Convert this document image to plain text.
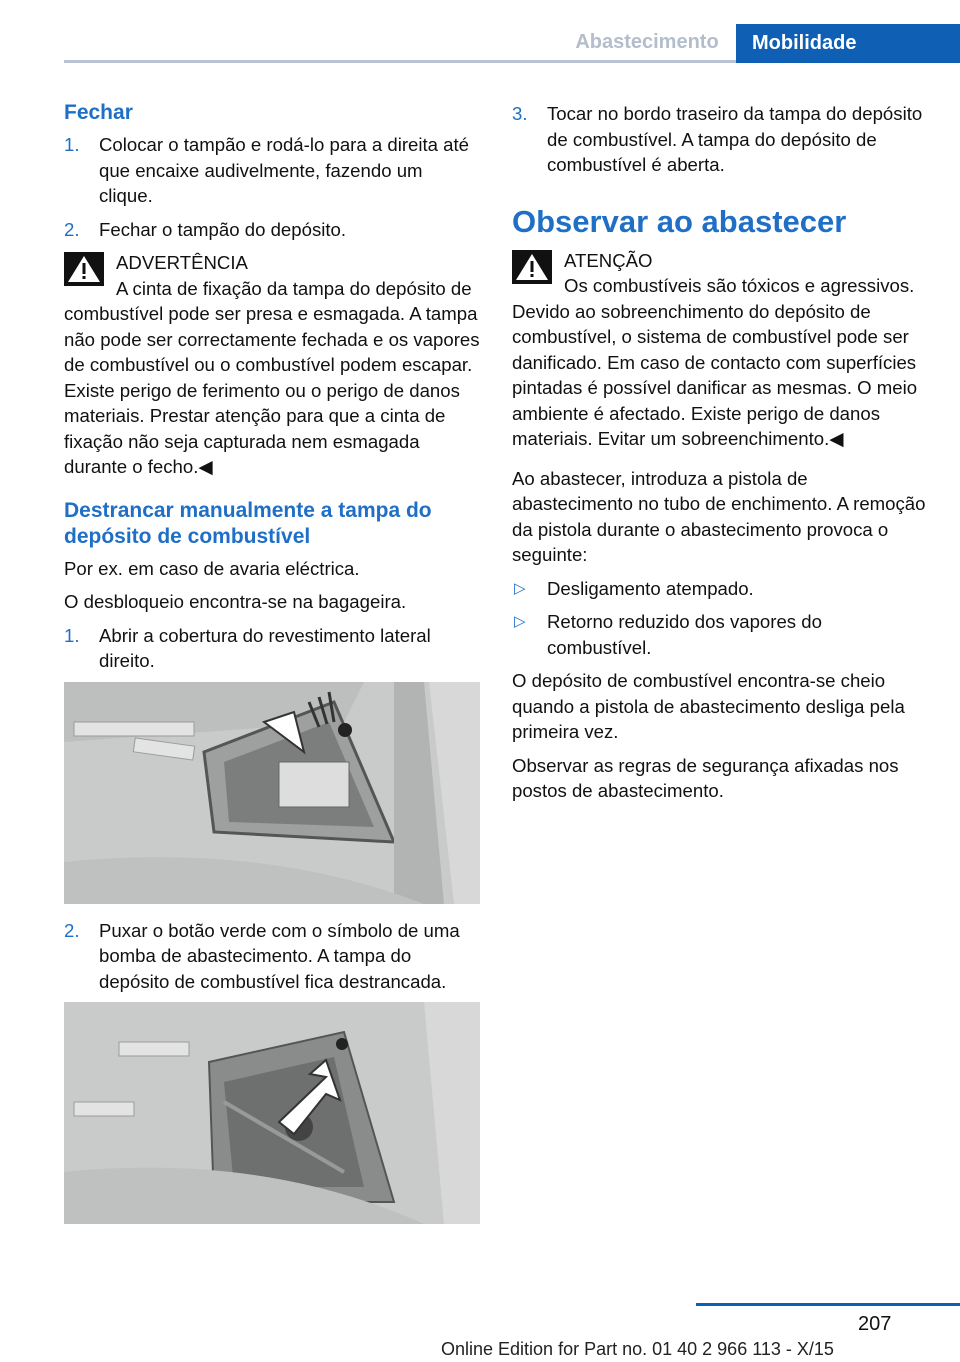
Abastecimento	Mobilidade
Fechar
1. Colocar o tampão e rodá-lo para a direita até que encaixe audivelmente, fazendo um clique.
2. Fechar o tampão do depósito.
ADVERTÊNCIA
A cinta de fixação da tampa do depósito de combustível pode ser presa e esmagada. A tampa não pode ser correctamente fechada e os vapores de combustível ou o combustível podem escapar. Existe perigo de ferimento ou o perigo de danos materiais. Prestar atenção para que a cinta de fixação não seja capturada nem esmagada durante o fecho.◀
Destrancar manualmente a tampa do depósito de combustível

Por ex. em caso de avaria eléctrica.

O desbloqueio encontra-se na bagageira.

1. Abrir a cobertura do revestimento lateral direito.
2. Puxar o botão verde com o símbolo de uma bomba de abastecimento. A tampa do depósito de combustível fica destrancada.
3. Tocar no bordo traseiro da tampa do depósito de combustível. A tampa do depósito de combustível é aberta.
Observar ao abastecer
ATENÇÃO
Os combustíveis são tóxicos e agressivos. Devido ao sobreenchimento do depósito de combustível, o sistema de combustível pode ser danificado. Em caso de contacto com superfícies pintadas é possível danificar as mesmas. O meio ambiente é afectado. Existe perigo de danos materiais. Evitar um sobreenchimento.◀

Ao abastecer, introduza a pistola de abastecimento no tubo de enchimento. A remoção da pistola durante o abastecimento provoca o seguinte:

▷ Desligamento atempado.
▷ Retorno reduzido dos vapores do combustível.

O depósito de combustível encontra-se cheio quando a pistola de abastecimento desliga pela primeira vez.

Observar as regras de segurança afixadas nos postos de abastecimento.

207
Online Edition for Part no. 01 40 2 966 113 - X/15
